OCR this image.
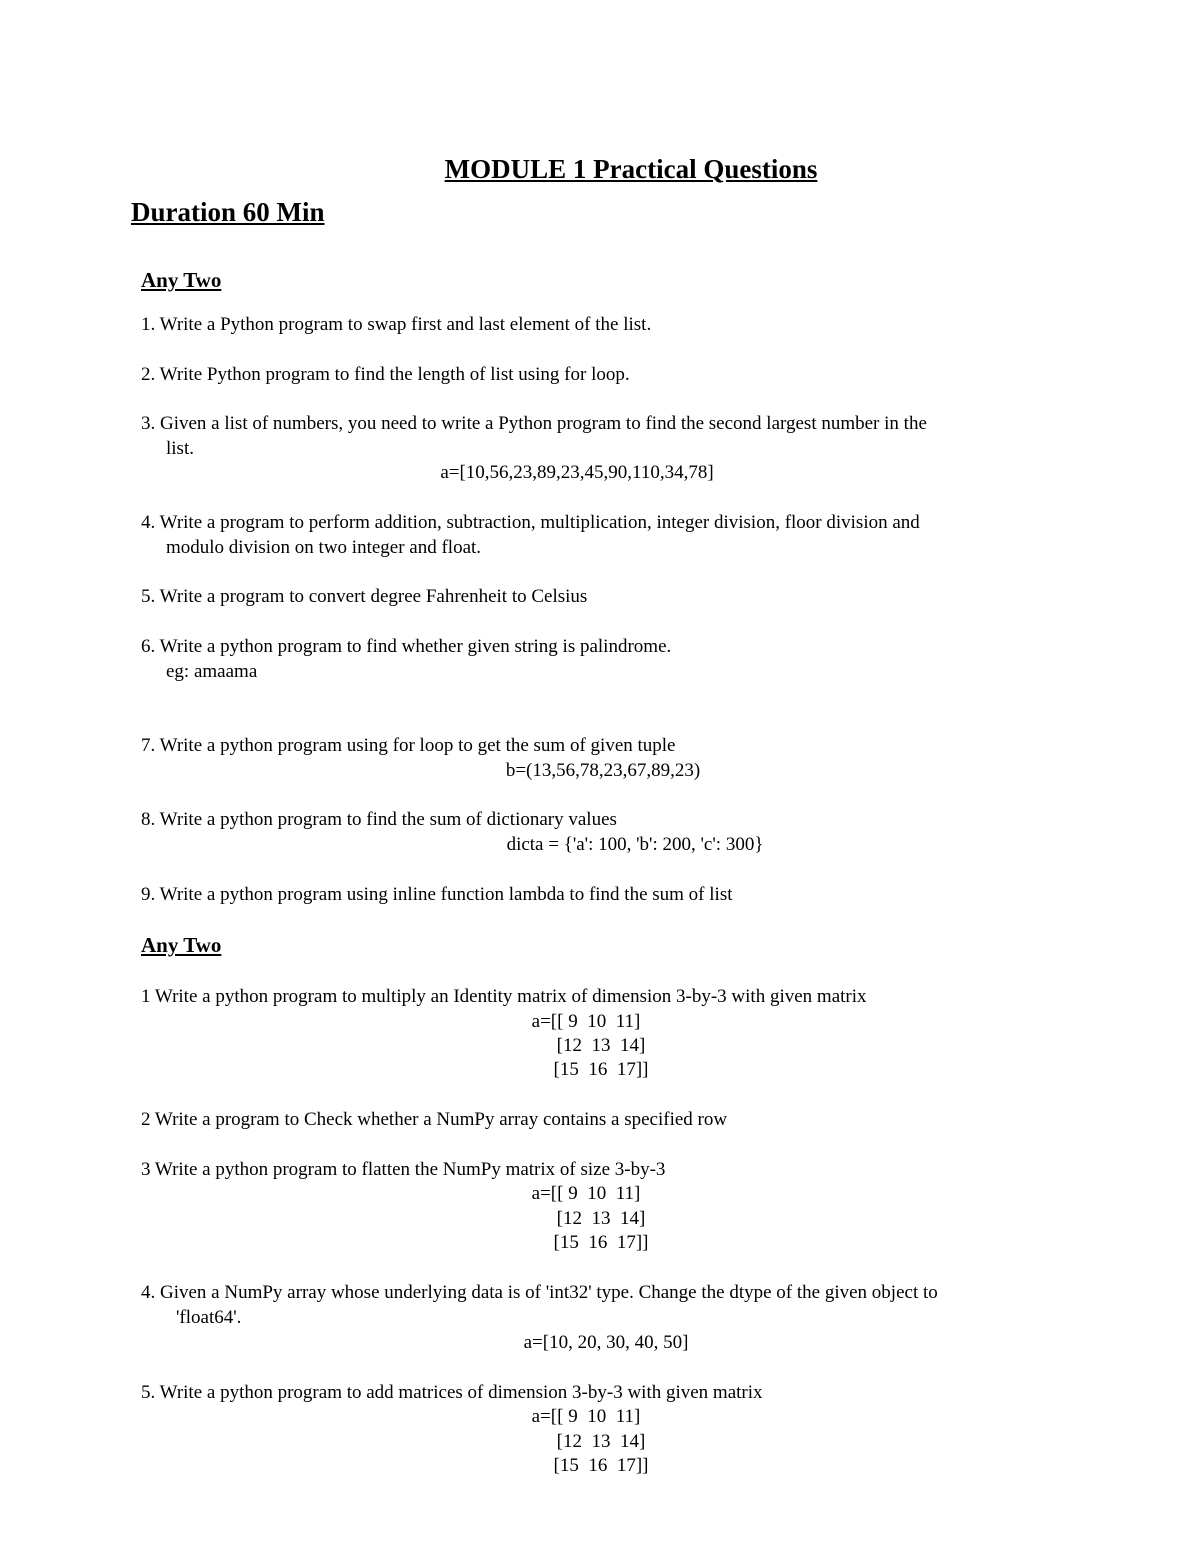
MODULE 1 Practical Questions
Duration 60 Min
Any Two
1. Write a Python program to swap first and last element of the list.
2. Write Python program to find the length of list using for loop.
3. Given a list of numbers, you need to write a Python program to find the second largest number in the
list.
a=[10,56,23,89,23,45,90,110,34,78]
4. Write a program to perform addition, subtraction, multiplication, integer division, floor division and
modulo division on two integer and float.
5. Write a program to convert degree Fahrenheit to Celsius
6. Write a python program to find whether given string is palindrome.
eg: amaama
7. Write a python program using for loop to get the sum of given tuple
b=(13,56,78,23,67,89,23)
8. Write a python program to find the sum of dictionary values
dicta = {'a': 100, 'b': 200, 'c': 300}
9. Write a python program using inline function lambda to find the sum of list
Any Two
1 Write a python program to multiply an Identity matrix of dimension 3-by-3 with given matrix
a=[[ 9  10  11]
[12  13  14]
[15  16  17]]
2 Write a program to Check whether a NumPy array contains a specified row
3 Write a python program to flatten the NumPy matrix of size 3-by-3
a=[[ 9  10  11]
[12  13  14]
[15  16  17]]
4. Given a NumPy array whose underlying data is of 'int32' type. Change the dtype of the given object to
'float64'.
a=[10, 20, 30, 40, 50]
5. Write a python program to add matrices of dimension 3-by-3 with given matrix
a=[[ 9  10  11]
[12  13  14]
[15  16  17]]
